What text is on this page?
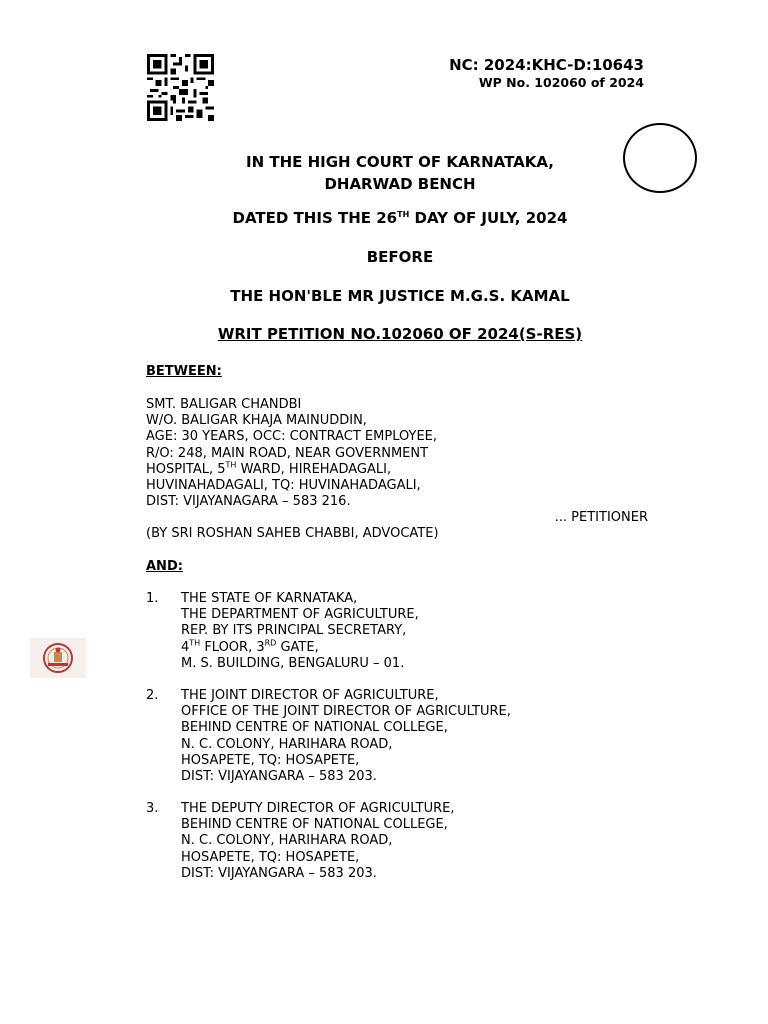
NC: 2024:KHC-D:10643
WP No. 102060 of 2024
IN THE HIGH COURT OF KARNATAKA,
DHARWAD BENCH
DATED THIS THE 26TH DAY OF JULY, 2024
BEFORE
THE HON'BLE MR JUSTICE M.G.S. KAMAL
WRIT PETITION NO.102060 OF 2024(S-RES)
BETWEEN:
SMT. BALIGAR CHANDBI
W/O. BALIGAR KHAJA MAINUDDIN,
AGE: 30 YEARS, OCC: CONTRACT EMPLOYEE,
R/O: 248, MAIN ROAD, NEAR GOVERNMENT
HOSPITAL, 5TH WARD, HIREHADAGALI,
HUVINAHADAGALI, TQ: HUVINAHADAGALI,
DIST: VIJAYANAGARA – 583 216.
... PETITIONER
(BY SRI ROSHAN SAHEB CHABBI, ADVOCATE)
AND:
1.	THE STATE OF KARNATAKA,
THE DEPARTMENT OF AGRICULTURE,
REP. BY ITS PRINCIPAL SECRETARY,
4TH FLOOR, 3RD GATE,
M. S. BUILDING, BENGALURU – 01.
2.	THE JOINT DIRECTOR OF AGRICULTURE,
OFFICE OF THE JOINT DIRECTOR OF AGRICULTURE,
BEHIND CENTRE OF NATIONAL COLLEGE,
N. C. COLONY, HARIHARA ROAD,
HOSAPETE, TQ: HOSAPETE,
DIST: VIJAYANGARA – 583 203.
3.	THE DEPUTY DIRECTOR OF AGRICULTURE,
BEHIND CENTRE OF NATIONAL COLLEGE,
N. C. COLONY, HARIHARA ROAD,
HOSAPETE, TQ: HOSAPETE,
DIST: VIJAYANGARA – 583 203.
